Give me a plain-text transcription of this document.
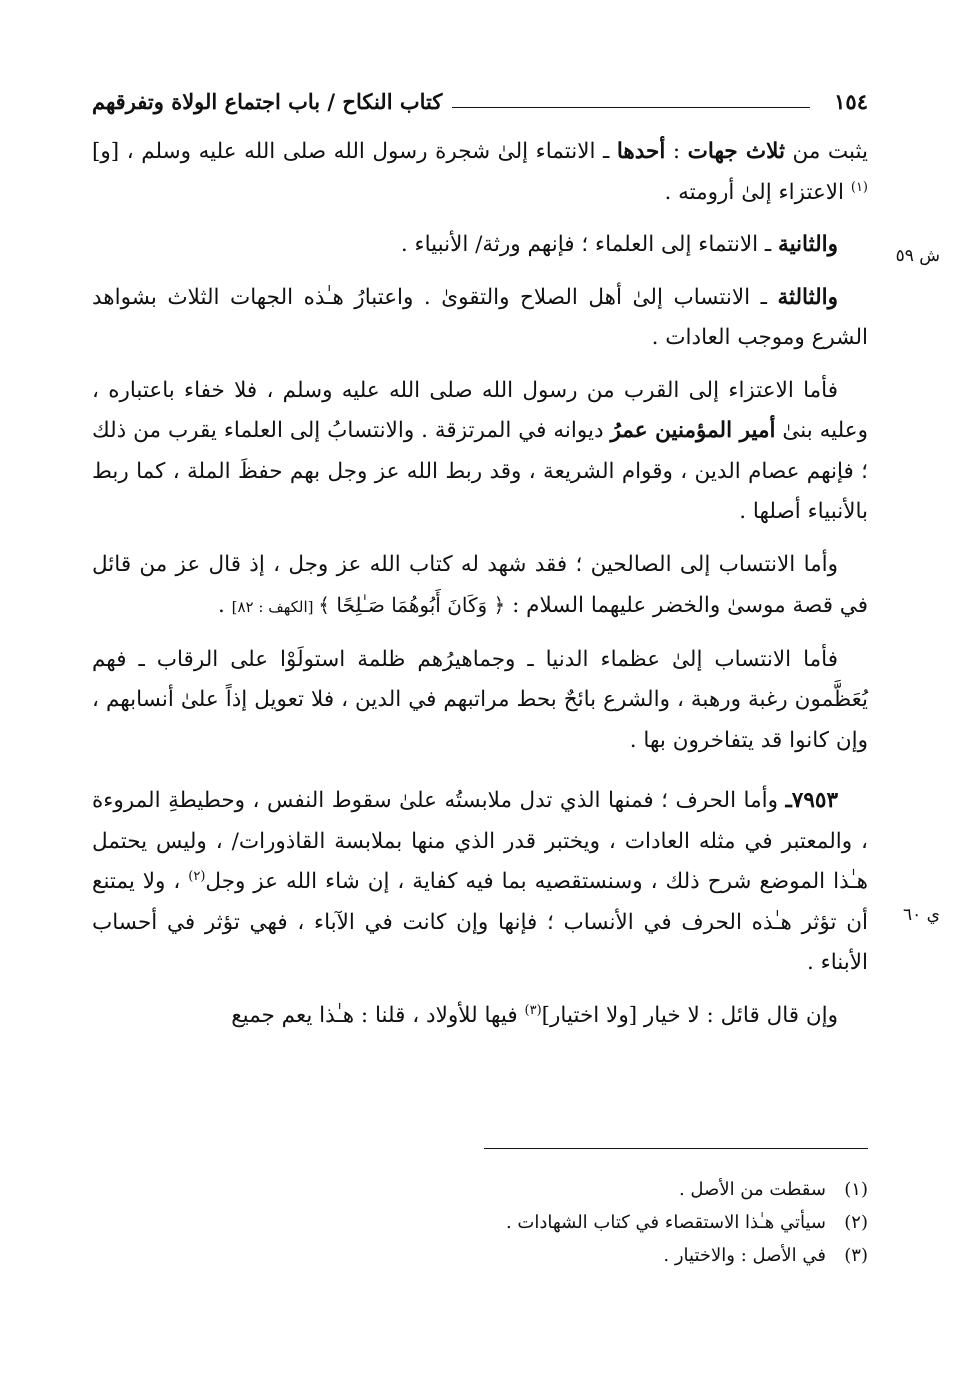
١٥٤
كتاب النكاح / باب اجتماع الولاة وتفرقهم
ش ٥٩
ي ٦٠

يثبت من ثلاث جهات : أحدها ـ الانتماء إلىٰ شجرة رسول الله صلى الله عليه وسلم ، [و]$^{(١)}$ الاعتزاء إلىٰ أرومته .

والثانية ـ الانتماء إلى العلماء ؛ فإنهم ورثة/ الأنبياء .

والثالثة ـ الانتساب إلىٰ أهل الصلاح والتقوىٰ . واعتبارُ هـٰذه الجهات الثلاث بشواهد الشرع وموجب العادات .

فأما الاعتزاء إلى القرب من رسول الله صلى الله عليه وسلم ، فلا خفاء باعتباره ، وعليه بنىٰ أمير المؤمنين عمرُ ديوانه في المرتزقة . والانتسابُ إلى العلماء يقرب من ذلك ؛ فإنهم عصام الدين ، وقوام الشريعة ، وقد ربط الله عز وجل بهم حفظَ الملة ، كما ربط بالأنبياء أصلها .

وأما الانتساب إلى الصالحين ؛ فقد شهد له كتاب الله عز وجل ، إذ قال عز من قائل في قصة موسىٰ والخضر عليهما السلام : ﴿ وَكَانَ أَبُوهُمَا صَـٰلِحًا ﴾ [الكهف : ٨٢] .

فأما الانتساب إلىٰ عظماء الدنيا ـ وجماهيرُهم ظلمة استولَوْا على الرقاب ـ فهم يُعَظَّمون رغبة ورهبة ، والشرع بائحٌ بحط مراتبهم في الدين ، فلا تعويل إذاً علىٰ أنسابهم ، وإن كانوا قد يتفاخرون بها .

٧٩٥٣ـ وأما الحرف ؛ فمنها الذي تدل ملابستُه علىٰ سقوط النفس ، وحطيطةِ المروءة ، والمعتبر في مثله العادات ، ويختبر قدر الذي منها بملابسة القاذورات/ ، وليس يحتمل هـٰذا الموضع شرح ذلك ، وسنستقصيه بما فيه كفاية ، إن شاء الله عز وجل$^{(٢)}$ ، ولا يمتنع أن تؤثر هـٰذه الحرف في الأنساب ؛ فإنها وإن كانت في الآباء ، فهي تؤثر في أحساب الأبناء .

وإن قال قائل : لا خيار [ولا اختيار]$^{(٣)}$ فيها للأولاد ، قلنا : هـٰذا يعم جميع

(١)
سقطت من الأصل .
(٢)
سيأتي هـٰذا الاستقصاء في كتاب الشهادات .
(٣)
في الأصل : والاختيار .
